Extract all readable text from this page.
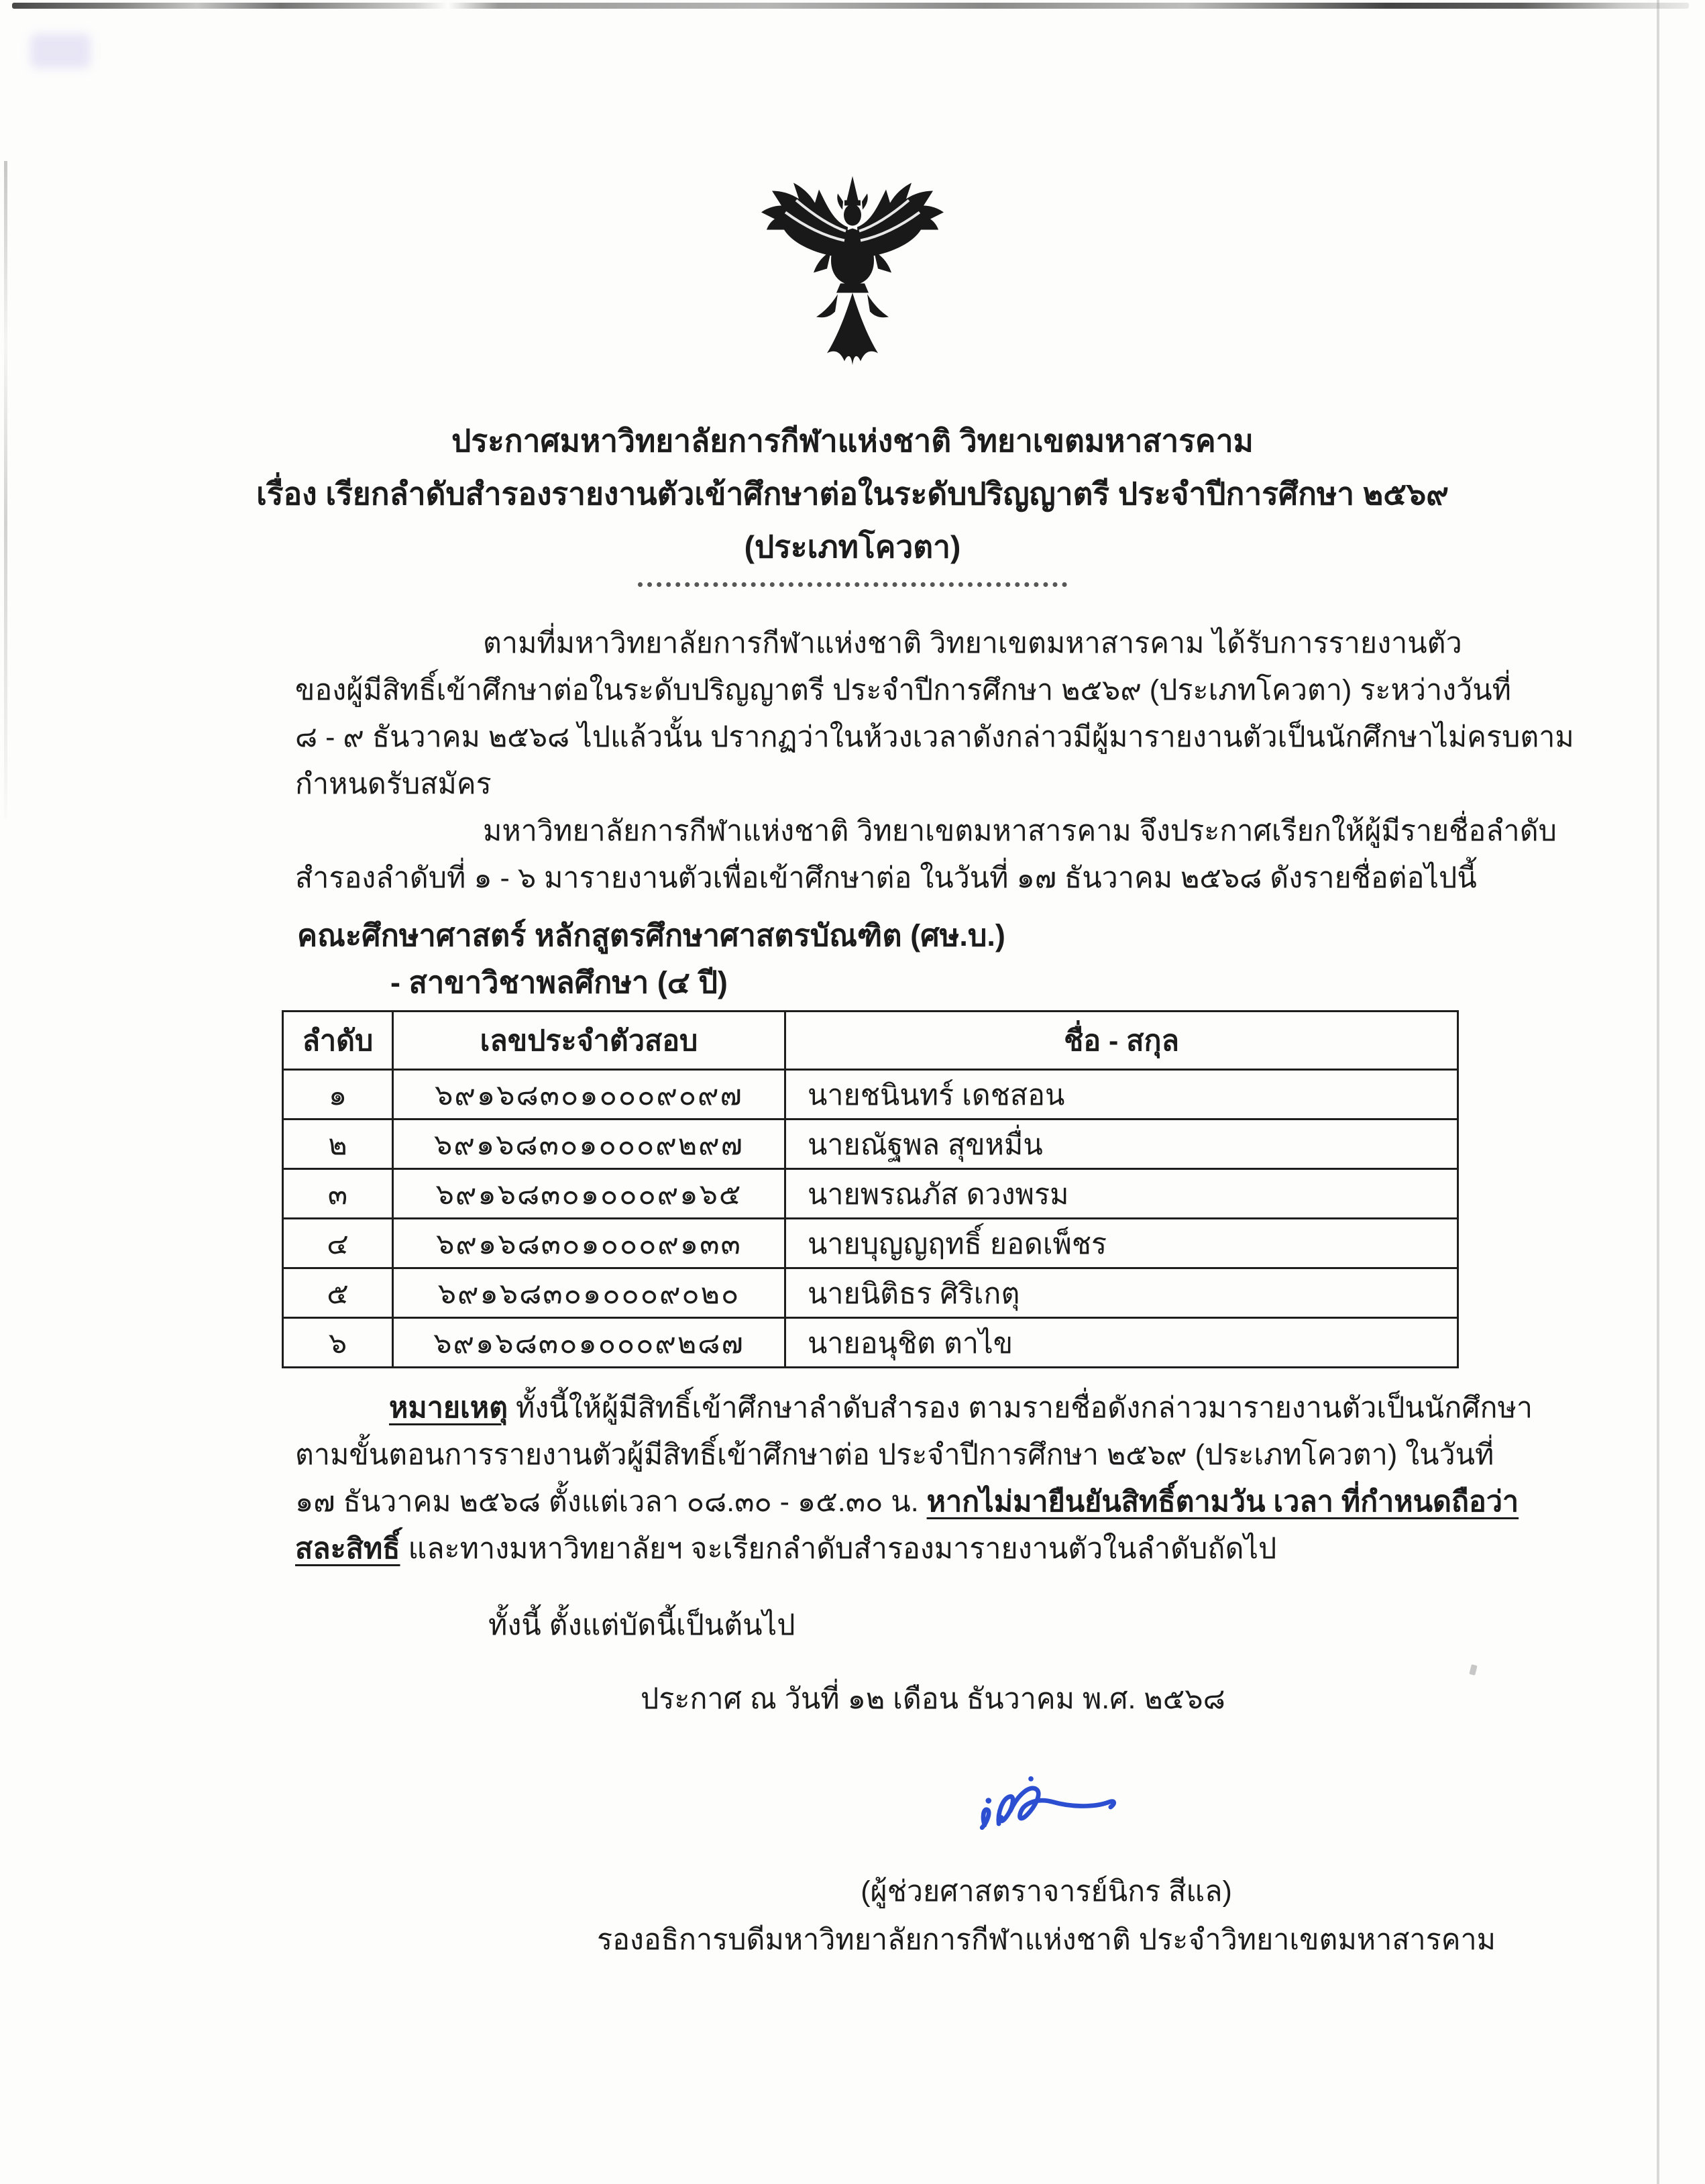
ประกาศมหาวิทยาลัยการกีฬาแห่งชาติ วิทยาเขตมหาสารคาม
เรื่อง เรียกลำดับสำรองรายงานตัวเข้าศึกษาต่อในระดับปริญญาตรี ประจำปีการศึกษา ๒๕๖๙
(ประเภทโควตา)
ตามที่มหาวิทยาลัยการกีฬาแห่งชาติ วิทยาเขตมหาสารคาม ได้รับการรายงานตัว
ของผู้มีสิทธิ์เข้าศึกษาต่อในระดับปริญญาตรี ประจำปีการศึกษา ๒๕๖๙ (ประเภทโควตา) ระหว่างวันที่
๘ - ๙ ธันวาคม ๒๕๖๘ ไปแล้วนั้น ปรากฏว่าในห้วงเวลาดังกล่าวมีผู้มารายงานตัวเป็นนักศึกษาไม่ครบตาม
กำหนดรับสมัคร
มหาวิทยาลัยการกีฬาแห่งชาติ วิทยาเขตมหาสารคาม จึงประกาศเรียกให้ผู้มีรายชื่อลำดับ
สำรองลำดับที่ ๑ - ๖ มารายงานตัวเพื่อเข้าศึกษาต่อ ในวันที่ ๑๗ ธันวาคม ๒๕๖๘ ดังรายชื่อต่อไปนี้
คณะศึกษาศาสตร์ หลักสูตรศึกษาศาสตรบัณฑิต (ศษ.บ.)
- สาขาวิชาพลศึกษา (๔ ปี)
ลำดับ	เลขประจำตัวสอบ	ชื่อ - สกุล
๑	๖๙๑๖๘๓๐๑๐๐๐๙๐๙๗	นายชนินทร์ เดชสอน
๒	๖๙๑๖๘๓๐๑๐๐๐๙๒๙๗	นายณัฐพล สุขหมื่น
๓	๖๙๑๖๘๓๐๑๐๐๐๙๑๖๕	นายพรณภัส ดวงพรม
๔	๖๙๑๖๘๓๐๑๐๐๐๙๑๓๓	นายบุญญฤทธิ์ ยอดเพ็ชร
๕	๖๙๑๖๘๓๐๑๐๐๐๙๐๒๐	นายนิติธร ศิริเกตุ
๖	๖๙๑๖๘๓๐๑๐๐๐๙๒๘๗	นายอนุชิต ตาไข
หมายเหตุ ทั้งนี้ให้ผู้มีสิทธิ์เข้าศึกษาลำดับสำรอง ตามรายชื่อดังกล่าวมารายงานตัวเป็นนักศึกษา
ตามขั้นตอนการรายงานตัวผู้มีสิทธิ์เข้าศึกษาต่อ ประจำปีการศึกษา ๒๕๖๙ (ประเภทโควตา) ในวันที่
๑๗ ธันวาคม ๒๕๖๘ ตั้งแต่เวลา ๐๘.๓๐ - ๑๕.๓๐ น. หากไม่มายืนยันสิทธิ์ตามวัน เวลา ที่กำหนดถือว่า
สละสิทธิ์ และทางมหาวิทยาลัยฯ จะเรียกลำดับสำรองมารายงานตัวในลำดับถัดไป
ทั้งนี้ ตั้งแต่บัดนี้เป็นต้นไป
ประกาศ ณ วันที่ ๑๒ เดือน ธันวาคม พ.ศ. ๒๕๖๘
(ผู้ช่วยศาสตราจารย์นิกร สีแล)
รองอธิการบดีมหาวิทยาลัยการกีฬาแห่งชาติ ประจำวิทยาเขตมหาสารคาม
